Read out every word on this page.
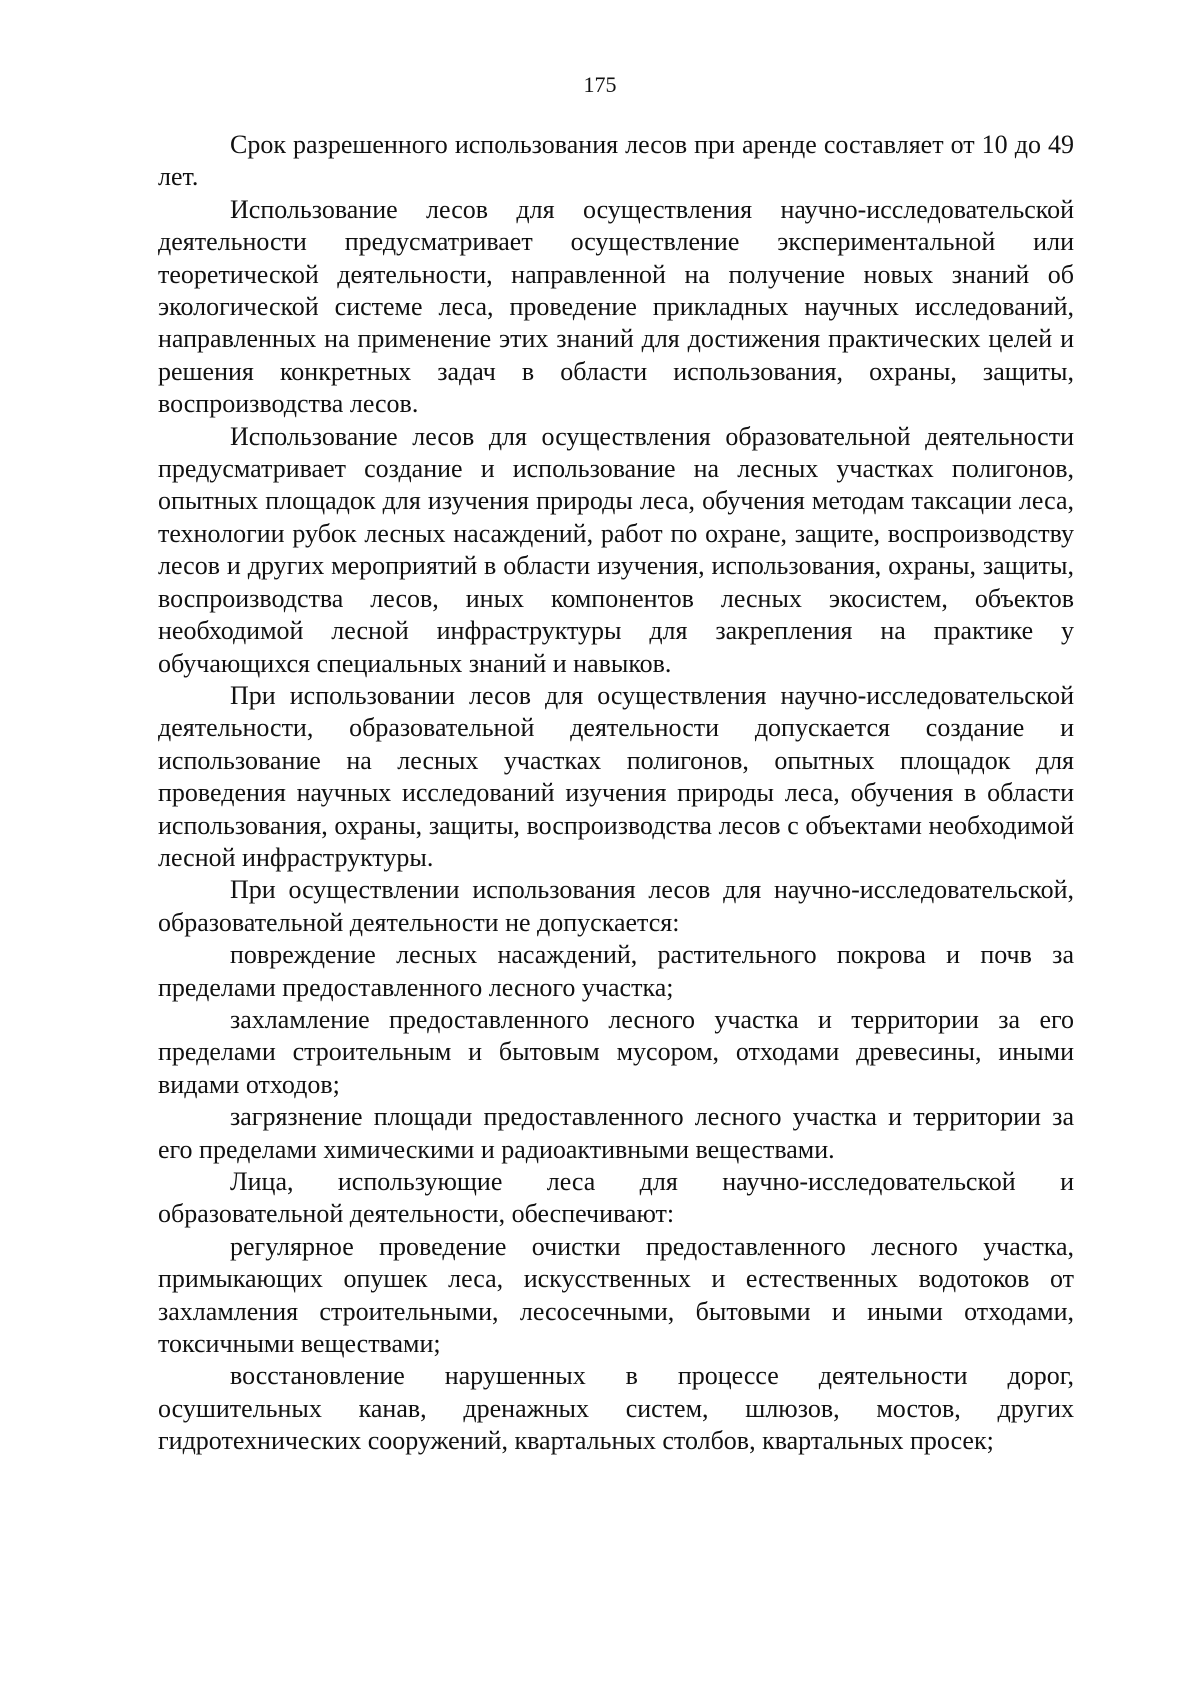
175

Срок разрешенного использования лесов при аренде составляет от 10 до 49 лет.

Использование лесов для осуществления научно-исследовательской деятельности предусматривает осуществление экспериментальной или теоретической деятельности, направленной на получение новых знаний об экологической системе леса, проведение прикладных научных исследований, направленных на применение этих знаний для достижения практических целей и решения конкретных задач в области использования, охраны, защиты, воспроизводства лесов.

Использование лесов для осуществления образовательной деятельности предусматривает создание и использование на лесных участках полигонов, опытных площадок для изучения природы леса, обучения методам таксации леса, технологии рубок лесных насаждений, работ по охране, защите, воспроизводству лесов и других мероприятий в области изучения, использования, охраны, защиты, воспроизводства лесов, иных компонентов лесных экосистем, объектов необходимой лесной инфраструктуры для закрепления на практике у обучающихся специальных знаний и навыков.

При использовании лесов для осуществления научно-исследовательской деятельности, образовательной деятельности допускается создание и использование на лесных участках полигонов, опытных площадок для проведения научных исследований изучения природы леса, обучения в области использования, охраны, защиты, воспроизводства лесов с объектами необходимой лесной инфраструктуры.

При осуществлении использования лесов для научно-исследовательской, образовательной деятельности не допускается:

повреждение лесных насаждений, растительного покрова и почв за пределами предоставленного лесного участка;

захламление предоставленного лесного участка и территории за его пределами строительным и бытовым мусором, отходами древесины, иными видами отходов;

загрязнение площади предоставленного лесного участка и территории за его пределами химическими и радиоактивными веществами.

Лица, использующие леса для научно-исследовательской и образовательной деятельности, обеспечивают:

регулярное проведение очистки предоставленного лесного участка, примыкающих опушек леса, искусственных и естественных водотоков от захламления строительными, лесосечными, бытовыми и иными отходами, токсичными веществами;

восстановление нарушенных в процессе деятельности дорог, осушительных канав, дренажных систем, шлюзов, мостов, других гидротехнических сооружений, квартальных столбов, квартальных просек;
